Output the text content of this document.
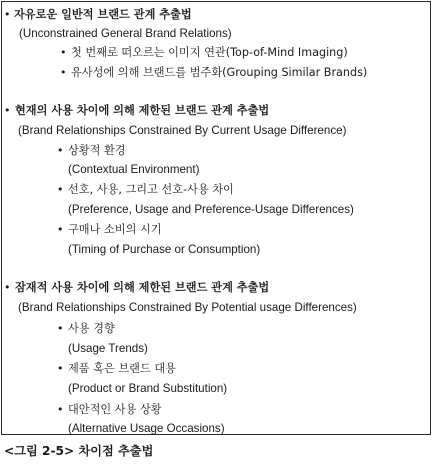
• 자유로운 일반적 브랜드 관계 추출법
(Unconstrained General Brand Relations)
• 첫 번째로 떠오르는 이미지 연관(Top-of-Mind Imaging)
• 유사성에 의해 브랜드를 범주화(Grouping Similar Brands)
• 현재의 사용 차이에 의해 제한된 브랜드 관계 추출법
(Brand Relationships Constrained By Current Usage Difference)
• 상황적 환경
(Contextual Environment)
• 선호, 사용, 그리고 선호-사용 차이
(Preference, Usage and Preference-Usage Differences)
• 구매나 소비의 시기
(Timing of Purchase or Consumption)
• 잠재적 사용 차이에 의해 제한된 브랜드 관계 추출법
(Brand Relationships Constrained By Potential usage Differences)
• 사용 경향
(Usage Trends)
• 제품 혹은 브랜드 대용
(Product or Brand Substitution)
• 대안적인 사용 상황
(Alternative Usage Occasions)
<그림 2-5> 차이점 추출법
